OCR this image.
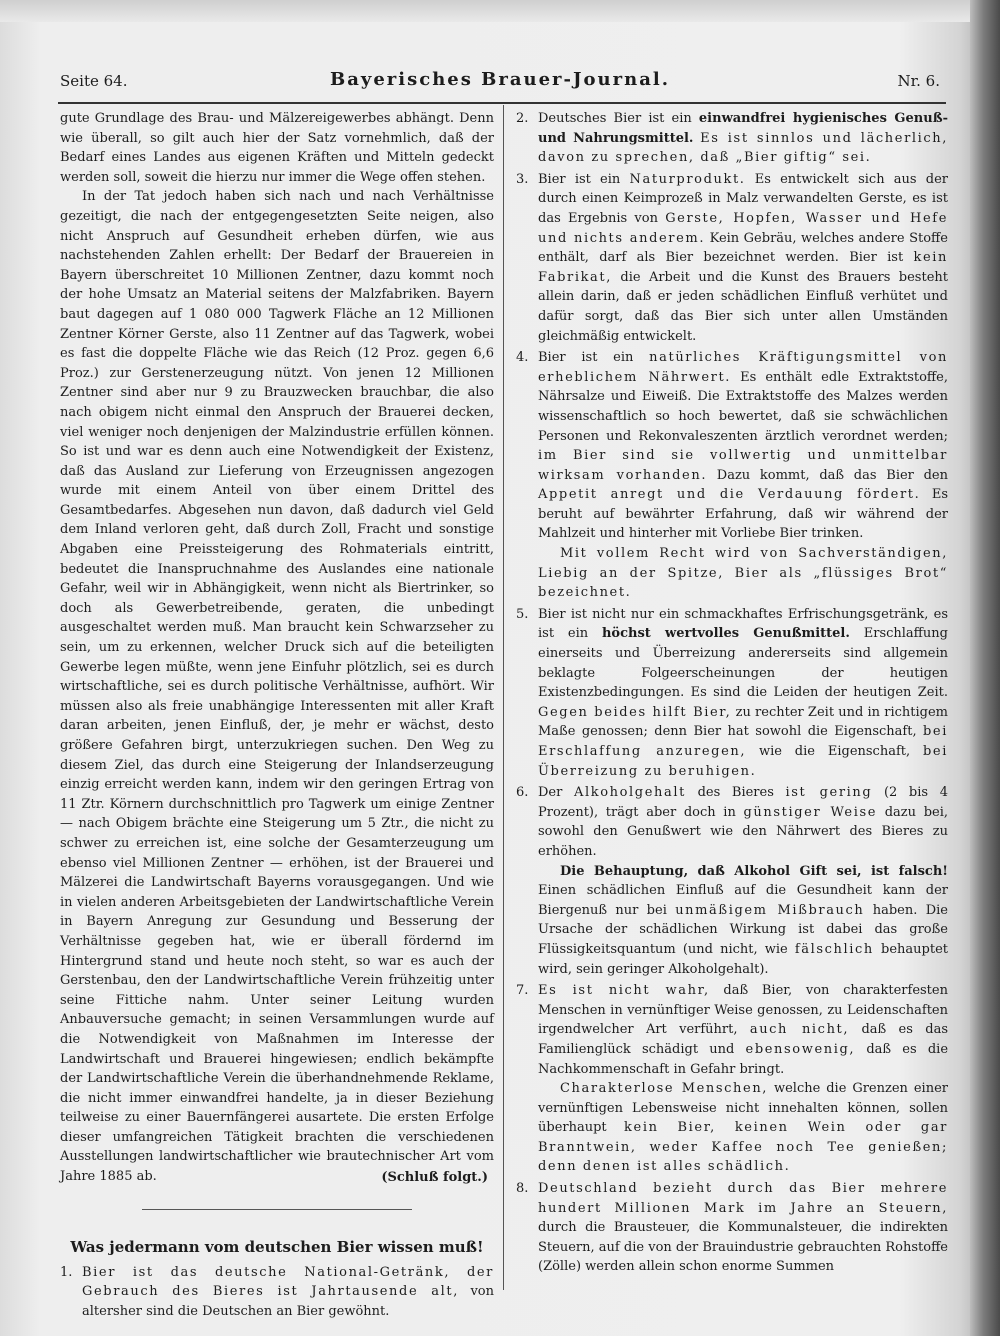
Seite 64.	Bayerisches Brauer-Journal.	Nr. 6.

gute Grundlage des Brau- und Mälzereigewerbes abhängt. Denn wie überall, so gilt auch hier der Satz vornehmlich, daß der Bedarf eines Landes aus eigenen Kräften und Mitteln gedeckt werden soll, soweit die hierzu nur immer die Wege offen stehen.

In der Tat jedoch haben sich nach und nach Verhältnisse gezeitigt, die nach der entgegengesetzten Seite neigen, also nicht Anspruch auf Gesundheit erheben dürfen, wie aus nachstehenden Zahlen erhellt: Der Bedarf der Brauereien in Bayern überschreitet 10 Millionen Zentner, dazu kommt noch der hohe Umsatz an Material seitens der Malzfabriken. Bayern baut dagegen auf 1 080 000 Tagwerk Fläche an 12 Millionen Zentner Körner Gerste, also 11 Zentner auf das Tagwerk, wobei es fast die doppelte Fläche wie das Reich (12 Proz. gegen 6,6 Proz.) zur Gerstenerzeugung nützt. Von jenen 12 Millionen Zentner sind aber nur 9 zu Brauzwecken brauchbar, die also nach obigem nicht einmal den Anspruch der Brauerei decken, viel weniger noch denjenigen der Malzindustrie erfüllen können. So ist und war es denn auch eine Notwendigkeit der Existenz, daß das Ausland zur Lieferung von Erzeugnissen angezogen wurde mit einem Anteil von über einem Drittel des Gesamtbedarfes. Abgesehen nun davon, daß dadurch viel Geld dem Inland verloren geht, daß durch Zoll, Fracht und sonstige Abgaben eine Preissteigerung des Rohmaterials eintritt, bedeutet die Inanspruchnahme des Auslandes eine nationale Gefahr, weil wir in Abhängigkeit, wenn nicht als Biertrinker, so doch als Gewerbetreibende, geraten, die unbedingt ausgeschaltet werden muß. Man braucht kein Schwarzseher zu sein, um zu erkennen, welcher Druck sich auf die beteiligten Gewerbe legen müßte, wenn jene Einfuhr plötzlich, sei es durch wirtschaftliche, sei es durch politische Verhältnisse, aufhört. Wir müssen also als freie unabhängige Interessenten mit aller Kraft daran arbeiten, jenen Einfluß, der, je mehr er wächst, desto größere Gefahren birgt, unterzukriegen suchen. Den Weg zu diesem Ziel, das durch eine Steigerung der Inlandserzeugung einzig erreicht werden kann, indem wir den geringen Ertrag von 11 Ztr. Körnern durchschnittlich pro Tagwerk um einige Zentner — nach Obigem brächte eine Steigerung um 5 Ztr., die nicht zu schwer zu erreichen ist, eine solche der Gesamterzeugung um ebenso viel Millionen Zentner — erhöhen, ist der Brauerei und Mälzerei die Landwirtschaft Bayerns vorausgegangen. Und wie in vielen anderen Arbeitsgebieten der Landwirtschaftliche Verein in Bayern Anregung zur Gesundung und Besserung der Verhältnisse gegeben hat, wie er überall fördernd im Hintergrund stand und heute noch steht, so war es auch der Gerstenbau, den der Landwirtschaftliche Verein frühzeitig unter seine Fittiche nahm. Unter seiner Leitung wurden Anbauversuche gemacht; in seinen Versammlungen wurde auf die Notwendigkeit von Maßnahmen im Interesse der Landwirtschaft und Brauerei hingewiesen; endlich bekämpfte der Landwirtschaftliche Verein die überhandnehmende Reklame, die nicht immer einwandfrei handelte, ja in dieser Beziehung teilweise zu einer Bauernfängerei ausartete. Die ersten Erfolge dieser umfangreichen Tätigkeit brachten die verschiedenen Ausstellungen landwirtschaftlicher wie brautechnischer Art vom Jahre 1885 ab.	(Schluß folgt.)

Was jedermann vom deutschen Bier wissen muß!

1. Bier ist das deutsche National-Getränk, der Gebrauch des Bieres ist Jahrtausende alt, von altersher sind die Deutschen an Bier gewöhnt.

2. Deutsches Bier ist ein einwandfrei hygienisches Genuß- und Nahrungsmittel. Es ist sinnlos und lächerlich, davon zu sprechen, daß „Bier giftig“ sei.

3. Bier ist ein Naturprodukt. Es entwickelt sich aus der durch einen Keimprozeß in Malz verwandelten Gerste, es ist das Ergebnis von Gerste, Hopfen, Wasser und Hefe und nichts anderem. Kein Gebräu, welches andere Stoffe enthält, darf als Bier bezeichnet werden. Bier ist kein Fabrikat, die Arbeit und die Kunst des Brauers besteht allein darin, daß er jeden schädlichen Einfluß verhütet und dafür sorgt, daß das Bier sich unter allen Umständen gleichmäßig entwickelt.

4. Bier ist ein natürliches Kräftigungsmittel von erheblichem Nährwert. Es enthält edle Extraktstoffe, Nährsalze und Eiweiß. Die Extraktstoffe des Malzes werden wissenschaftlich so hoch bewertet, daß sie schwächlichen Personen und Rekonvaleszenten ärztlich verordnet werden; im Bier sind sie vollwertig und unmittelbar wirksam vorhanden. Dazu kommt, daß das Bier den Appetit anregt und die Verdauung fördert. Es beruht auf bewährter Erfahrung, daß wir während der Mahlzeit und hinterher mit Vorliebe Bier trinken.

Mit vollem Recht wird von Sachverständigen, Liebig an der Spitze, Bier als „flüssiges Brot“ bezeichnet.

5. Bier ist nicht nur ein schmackhaftes Erfrischungsgetränk, es ist ein höchst wertvolles Genußmittel. Erschlaffung einerseits und Überreizung andererseits sind allgemein beklagte Folgeerscheinungen der heutigen Existenzbedingungen. Es sind die Leiden der heutigen Zeit. Gegen beides hilft Bier, zu rechter Zeit und in richtigem Maße genossen; denn Bier hat sowohl die Eigenschaft, bei Erschlaffung anzuregen, wie die Eigenschaft, bei Überreizung zu beruhigen.

6. Der Alkoholgehalt des Bieres ist gering (2 bis 4 Prozent), trägt aber doch in günstiger Weise dazu bei, sowohl den Genußwert wie den Nährwert des Bieres zu erhöhen.

Die Behauptung, daß Alkohol Gift sei, ist falsch! Einen schädlichen Einfluß auf die Gesundheit kann der Biergenuß nur bei unmäßigem Mißbrauch haben. Die Ursache der schädlichen Wirkung ist dabei das große Flüssigkeitsquantum (und nicht, wie fälschlich behauptet wird, sein geringer Alkoholgehalt).

7. Es ist nicht wahr, daß Bier, von charakterfesten Menschen in vernünftiger Weise genossen, zu Leidenschaften irgendwelcher Art verführt, auch nicht, daß es das Familienglück schädigt und ebensowenig, daß es die Nachkommenschaft in Gefahr bringt.

Charakterlose Menschen, welche die Grenzen einer vernünftigen Lebensweise nicht innehalten können, sollen überhaupt kein Bier, keinen Wein oder gar Branntwein, weder Kaffee noch Tee genießen; denn denen ist alles schädlich.

8. Deutschland bezieht durch das Bier mehrere hundert Millionen Mark im Jahre an Steuern, durch die Brausteuer, die Kommunalsteuer, die indirekten Steuern, auf die von der Brauindustrie gebrauchten Rohstoffe (Zölle) werden allein schon enorme Summen
